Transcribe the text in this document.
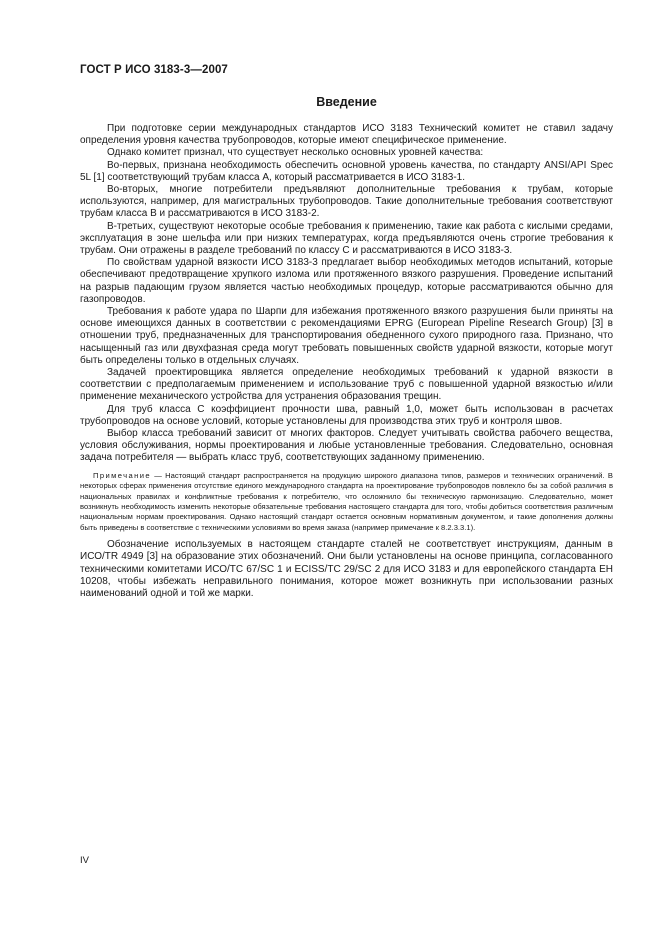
ГОСТ Р ИСО 3183-3—2007
Введение

При подготовке серии международных стандартов ИСО 3183 Технический комитет не ставил задачу определения уровня качества трубопроводов, которые имеют специфическое применение.

Однако комитет признал, что существует несколько основных уровней качества:

Во-первых, признана необходимость обеспечить основной уровень качества, по стандарту ANSI/API Spec 5L [1] соответствующий трубам класса А, который рассматривается в ИСО 3183-1.

Во-вторых, многие потребители предъявляют дополнительные требования к трубам, которые используются, например, для магистральных трубопроводов. Такие дополнительные требования соответствуют трубам класса В и рассматриваются в ИСО 3183-2.

В-третьих, существуют некоторые особые требования к применению, такие как работа с кислыми средами, эксплуатация в зоне шельфа или при низких температурах, когда предъявляются очень строгие требования к трубам. Они отражены в разделе требований по классу С и рассматриваются в ИСО 3183-3.

По свойствам ударной вязкости ИСО 3183-3 предлагает выбор необходимых методов испытаний, которые обеспечивают предотвращение хрупкого излома или протяженного вязкого разрушения. Проведение испытаний на разрыв падающим грузом является частью необходимых процедур, которые рассматриваются обычно для газопроводов.

Требования к работе удара по Шарпи для избежания протяженного вязкого разрушения были приняты на основе имеющихся данных в соответствии с рекомендациями EPRG (European Pipeline Research Group) [3] в отношении труб, предназначенных для транспортирования обедненного сухого природного газа. Признано, что насыщенный газ или двухфазная среда могут требовать повышенных свойств ударной вязкости, которые могут быть определены только в отдельных случаях.

Задачей проектировщика является определение необходимых требований к ударной вязкости в соответствии с предполагаемым применением и использование труб с повышенной ударной вязкостью и/или применение механического устройства для устранения образования трещин.

Для труб класса С коэффициент прочности шва, равный 1,0, может быть использован в расчетах трубопроводов на основе условий, которые установлены для производства этих труб и контроля швов.

Выбор класса требований зависит от многих факторов. Следует учитывать свойства рабочего вещества, условия обслуживания, нормы проектирования и любые установленные требования. Следовательно, основная задача потребителя — выбрать класс труб, соответствующих заданному применению.

Примечание — Настоящий стандарт распространяется на продукцию широкого диапазона типов, размеров и технических ограничений. В некоторых сферах применения отсутствие единого международного стандарта на проектирование трубопроводов повлекло бы за собой различия в национальных правилах и конфликтные требования к потребителю, что осложнило бы техническую гармонизацию. Следовательно, может возникнуть необходимость изменить некоторые обязательные требования настоящего стандарта для того, чтобы добиться соответствия различным национальным нормам проектирования. Однако настоящий стандарт остается основным нормативным документом, и такие дополнения должны быть приведены в соответствие с техническими условиями во время заказа (например примечание к 8.2.3.3.1).

Обозначение используемых в настоящем стандарте сталей не соответствует инструкциям, данным в ИСО/TR 4949 [3] на образование этих обозначений. Они были установлены на основе принципа, согласованного техническими комитетами ИСО/ТС 67/SC 1 и ECISS/TC 29/SC 2 для ИСО 3183 и для европейского стандарта ЕН 10208, чтобы избежать неправильного понимания, которое может возникнуть при использовании разных наименований одной и той же марки.

IV
